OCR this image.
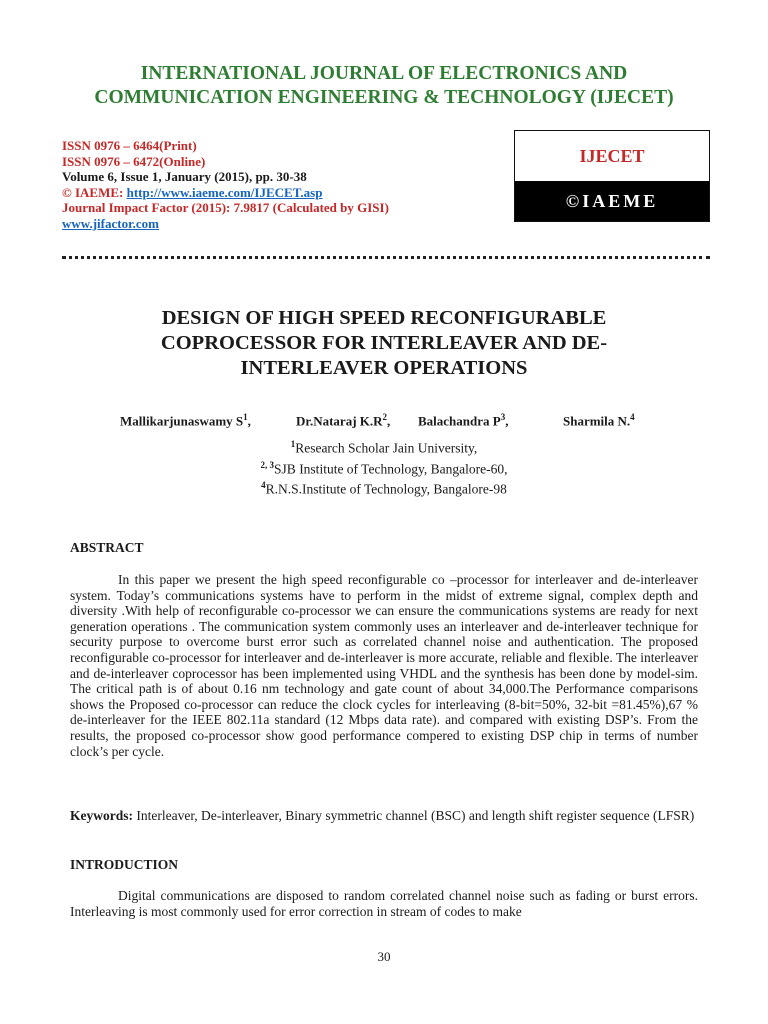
INTERNATIONAL JOURNAL OF ELECTRONICS AND
COMMUNICATION ENGINEERING & TECHNOLOGY (IJECET)
ISSN 0976 – 6464(Print)
ISSN 0976 – 6472(Online)
Volume 6, Issue 1, January (2015), pp. 30-38
© IAEME: http://www.iaeme.com/IJECET.asp
Journal Impact Factor (2015): 7.9817 (Calculated by GISI)
www.jifactor.com
IJECET
©IAEME
DESIGN OF HIGH SPEED RECONFIGURABLE
COPROCESSOR FOR INTERLEAVER AND DE-
INTERLEAVER OPERATIONS
Mallikarjunaswamy $S^1$,	Dr.Nataraj $K.R^2$, Balachandra $P^3$,	Sharmila N.$^4$
$^1$Research Scholar Jain University,
$^{2, 3}$SJB Institute of Technology, Bangalore-60,
$^4$R.N.S.Institute of Technology, Bangalore-98
ABSTRACT
In this paper we present the high speed reconfigurable co –processor for interleaver and de-interleaver system. Today’s communications systems have to perform in the midst of extreme signal, complex depth and diversity .With help of reconfigurable co-processor we can ensure the communications systems are ready for next generation operations . The communication system commonly uses an interleaver and de-interleaver technique for security purpose to overcome burst error such as correlated channel noise and authentication. The proposed reconfigurable co-processor for interleaver and de-interleaver is more accurate, reliable and flexible. The interleaver and de-interleaver coprocessor has been implemented using VHDL and the synthesis has been done by model-sim. The critical path is of about 0.16 nm technology and gate count of about 34,000.The Performance comparisons shows the Proposed co-processor can reduce the clock cycles for interleaving (8-bit=50%, 32-bit =81.45%),67 % de-interleaver for the IEEE 802.11a standard (12 Mbps data rate). and compared with existing DSP’s. From the results, the proposed co-processor show good performance compered to existing DSP chip in terms of number clock’s per cycle.
Keywords: Interleaver, De-interleaver, Binary symmetric channel (BSC) and length shift register sequence (LFSR)
INTRODUCTION
Digital communications are disposed to random correlated channel noise such as fading or burst errors. Interleaving is most commonly used for error correction in stream of codes to make
30
